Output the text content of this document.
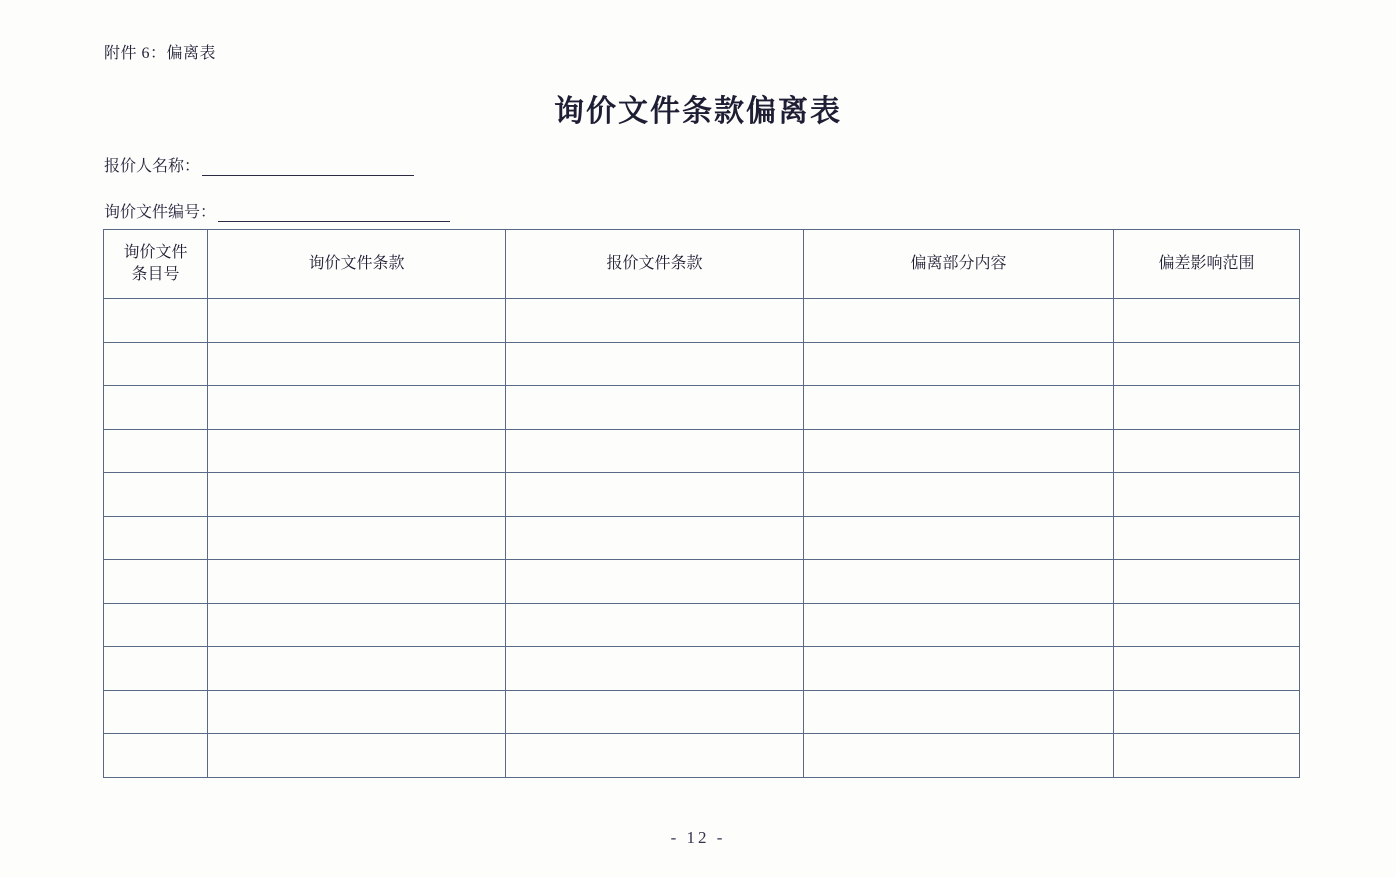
附件 6：偏离表
询价文件条款偏离表
报价人名称：
询价文件编号：
询价文件
条目号	询价文件条款	报价文件条款	偏离部分内容	偏差影响范围

- 12 -
